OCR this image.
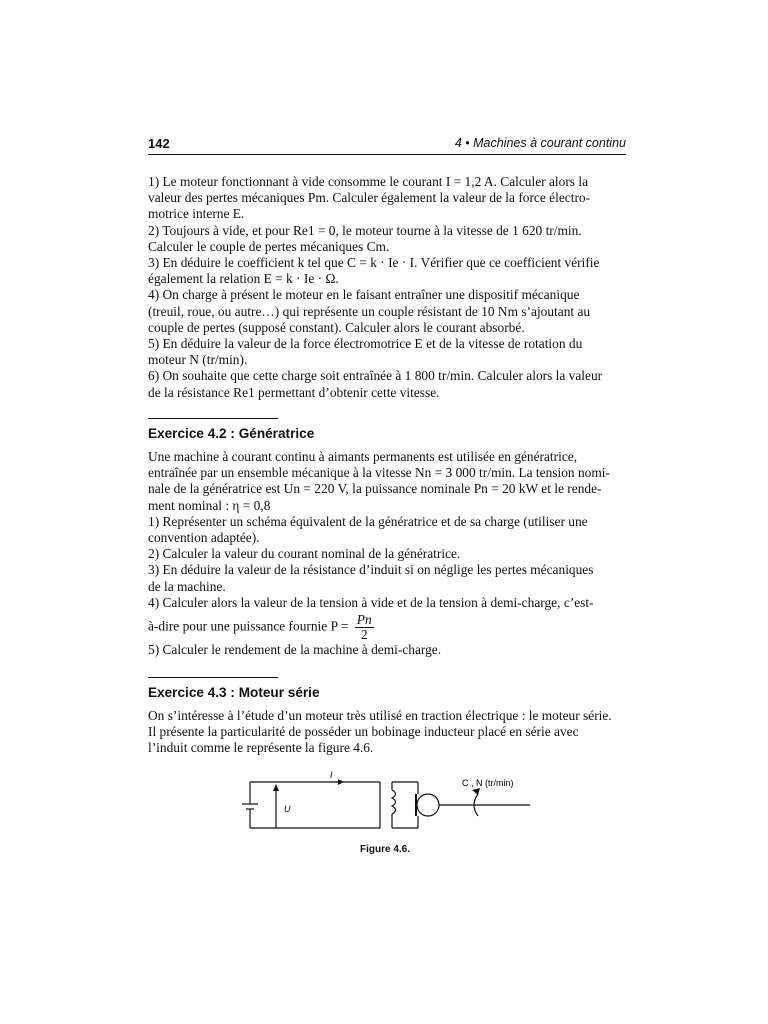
142	4 • Machines à courant continu
1) Le moteur fonctionnant à vide consomme le courant I = 1,2 A. Calculer alors la
valeur des pertes mécaniques Pm. Calculer également la valeur de la force électro-
motrice interne E.
2) Toujours à vide, et pour Re1 = 0, le moteur tourne à la vitesse de 1 620 tr/min.
Calculer le couple de pertes mécaniques Cm.
3) En déduire le coefficient k tel que C = k · Ie · I. Vérifier que ce coefficient vérifie
également la relation E = k · Ie · Ω.
4) On charge à présent le moteur en le faisant entraîner une dispositif mécanique
(treuil, roue, ou autre…) qui représente un couple résistant de 10 Nm s’ajoutant au
couple de pertes (supposé constant). Calculer alors le courant absorbé.
5) En déduire la valeur de la force électromotrice E et de la vitesse de rotation du
moteur N (tr/min).
6) On souhaite que cette charge soit entraînée à 1 800 tr/min. Calculer alors la valeur
de la résistance Re1 permettant d’obtenir cette vitesse.
Exercice 4.2 : Génératrice
Une machine à courant continu à aimants permanents est utilisée en génératrice,
entraînée par un ensemble mécanique à la vitesse Nn = 3 000 tr/min. La tension nomi-
nale de la génératrice est Un = 220 V, la puissance nominale Pn = 20 kW et le rende-
ment nominal : η = 0,8
1) Représenter un schéma équivalent de la génératrice et de sa charge (utiliser une
convention adaptée).
2) Calculer la valeur du courant nominal de la génératrice.
3) En déduire la valeur de la résistance d’induit si on néglige les pertes mécaniques
de la machine.
4) Calculer alors la valeur de la tension à vide et de la tension à demi-charge, c’est-
à-dire pour une puissance fournie $P = \frac{Pn}{2}$
5) Calculer le rendement de la machine à demi-charge.
Exercice 4.3 : Moteur série
On s’intéresse à l’étude d’un moteur très utilisé en traction électrique : le moteur série.
Il présente la particularité de posséder un bobinage inducteur placé en série avec
l’induit comme le représente la figure 4.6.
U
I
C , N (tr/min)
Figure 4.6.
